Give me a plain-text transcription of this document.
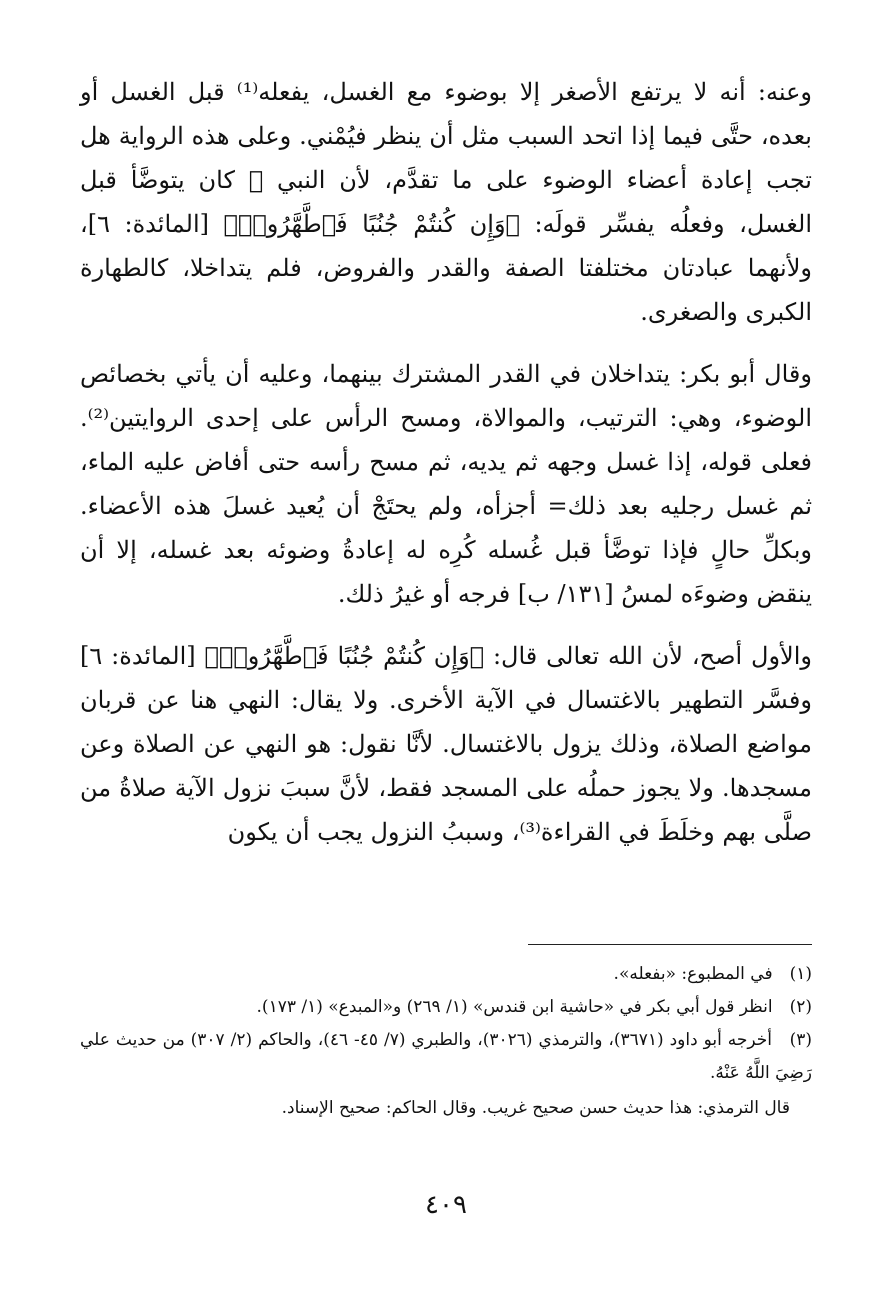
وعنه: أنه لا يرتفع الأصغر إلا بوضوء مع الغسل، يفعله⁽¹⁾ قبل الغسل أو بعده، حتَّى فيما إذا اتحد السبب مثل أن ينظر فيُمْني. وعلى هذه الرواية هل تجب إعادة أعضاء الوضوء على ما تقدَّم، لأن النبي ﷺ كان يتوضَّأ قبل الغسل، وفعلُه يفسِّر قولَه: ﴿وَإِن كُنتُمْ جُنُبًا فَٱطَّهَّرُوا۟﴾ [المائدة: ٦]، ولأنهما عبادتان مختلفتا الصفة والقدر والفروض، فلم يتداخلا، كالطهارة الكبرى والصغرى.

وقال أبو بكر: يتداخلان في القدر المشترك بينهما، وعليه أن يأتي بخصائص الوضوء، وهي: الترتيب، والموالاة، ومسح الرأس على إحدى الروايتين⁽²⁾. فعلى قوله، إذا غسل وجهه ثم يديه، ثم مسح رأسه حتى أفاض عليه الماء، ثم غسل رجليه بعد ذلك= أجزأه، ولم يحتَجْ أن يُعيد غسلَ هذه الأعضاء. وبكلِّ حالٍ فإذا توضَّأ قبل غُسله كُرِه له إعادةُ وضوئه بعد غسله، إلا أن ينقض وضوءَه لمسُ [١٣١/ ب] فرجه أو غيرُ ذلك.

والأول أصح، لأن الله تعالى قال: ﴿وَإِن كُنتُمْ جُنُبًا فَٱطَّهَّرُوا۟﴾ [المائدة: ٦] وفسَّر التطهير بالاغتسال في الآية الأخرى. ولا يقال: النهي هنا عن قربان مواضع الصلاة، وذلك يزول بالاغتسال. لأنَّا نقول: هو النهي عن الصلاة وعن مسجدها. ولا يجوز حملُه على المسجد فقط، لأنَّ سببَ نزول الآية صلاةُ من صلَّى بهم وخلَطَ في القراءة⁽³⁾، وسببُ النزول يجب أن يكون

(١) في المطبوع: «بفعله».

(٢) انظر قول أبي بكر في «حاشية ابن قندس» (١/ ٢٦٩) و«المبدع» (١/ ١٧٣).

(٣) أخرجه أبو داود (٣٦٧١)، والترمذي (٣٠٢٦)، والطبري (٧/ ٤٥- ٤٦)، والحاكم (٢/ ٣٠٧) من حديث علي رَضِيَ اللَّهُ عَنْهُ.

قال الترمذي: هذا حديث حسن صحيح غريب. وقال الحاكم: صحيح الإسناد.

٤٠٩
